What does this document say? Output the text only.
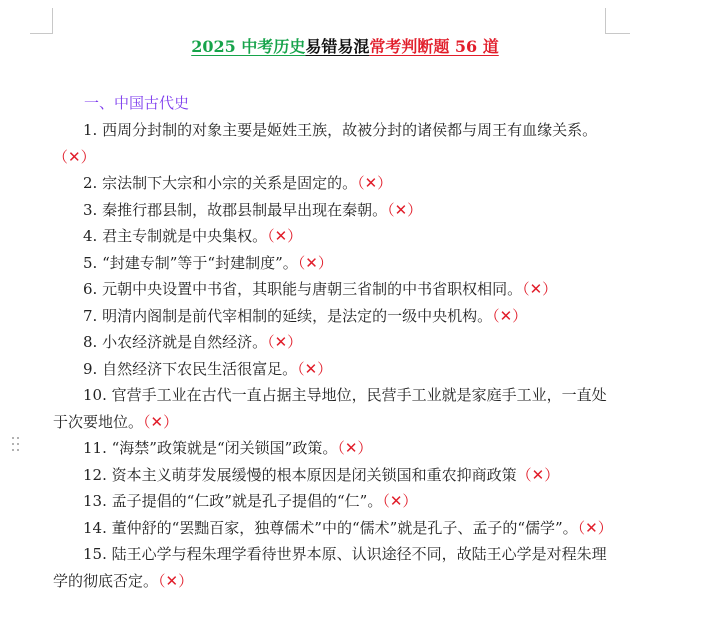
2025 中考历史易错易混常考判断题 56 道
一、中国古代史

1. 西周分封制的对象主要是姬姓王族，故被分封的诸侯都与周王有血缘关系。（✕）

2. 宗法制下大宗和小宗的关系是固定的。（✕）

3. 秦推行郡县制，故郡县制最早出现在秦朝。（✕）

4. 君主专制就是中央集权。（✕）

5. “封建专制”等于“封建制度”。（✕）

6. 元朝中央设置中书省，其职能与唐朝三省制的中书省职权相同。（✕）

7. 明清内阁制是前代宰相制的延续，是法定的一级中央机构。（✕）

8. 小农经济就是自然经济。（✕）

9. 自然经济下农民生活很富足。（✕）

10. 官营手工业在古代一直占据主导地位，民营手工业就是家庭手工业，一直处于次要地位。（✕）

11. “海禁”政策就是“闭关锁国”政策。（✕）

12. 资本主义萌芽发展缓慢的根本原因是闭关锁国和重农抑商政策（✕）

13. 孟子提倡的“仁政”就是孔子提倡的“仁”。（✕）

14. 董仲舒的“罢黜百家，独尊儒术”中的“儒术”就是孔子、孟子的“儒学”。（✕）

15. 陆王心学与程朱理学看待世界本原、认识途径不同，故陆王心学是对程朱理学的彻底否定。（✕）
